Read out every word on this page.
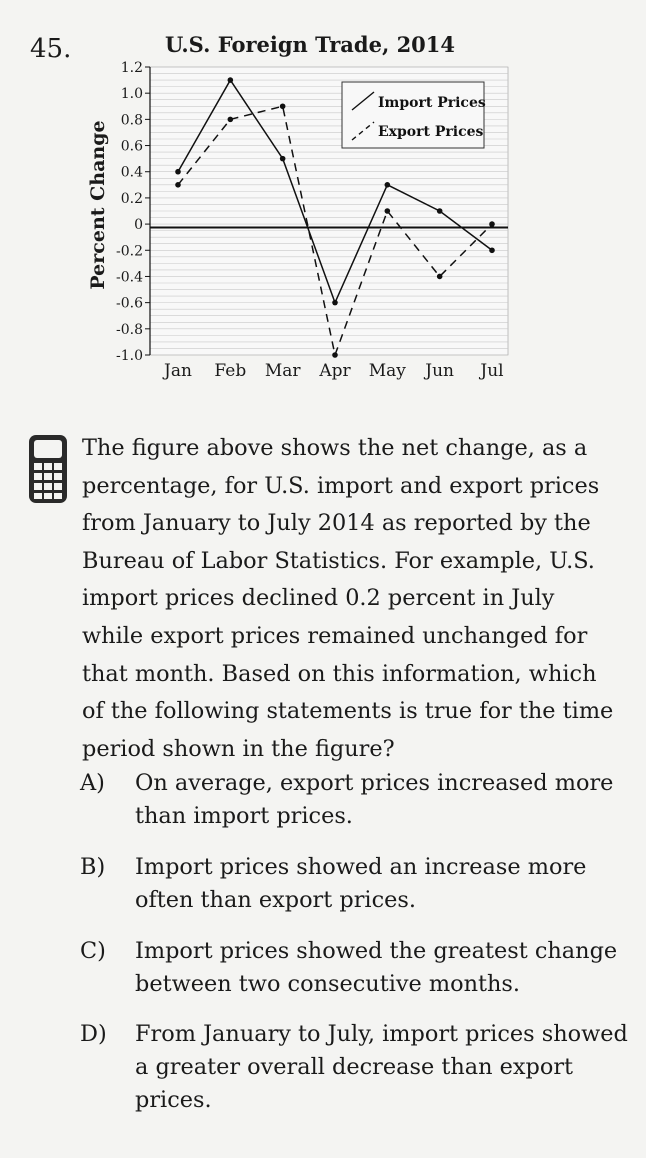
45.	U.S. Foreign Trade, 2014
1.2
1.0
0.8
0.6
0.4
0.2
0
-0.2
-0.4
-0.6
-0.8
-1.0
Jan Feb Mar Apr May Jun Jul
Percent Change
Import Prices
Export Prices
The figure above shows the net change, as a percentage, for U.S. import and export prices from January to July 2014 as reported by the Bureau of Labor Statistics. For example, U.S. import prices declined 0.2 percent in July while export prices remained unchanged for that month. Based on this information, which of the following statements is true for the time period shown in the figure?
A) On average, export prices increased more than import prices.
B) Import prices showed an increase more often than export prices.
C) Import prices showed the greatest change between two consecutive months.
D) From January to July, import prices showed a greater overall decrease than export prices.
